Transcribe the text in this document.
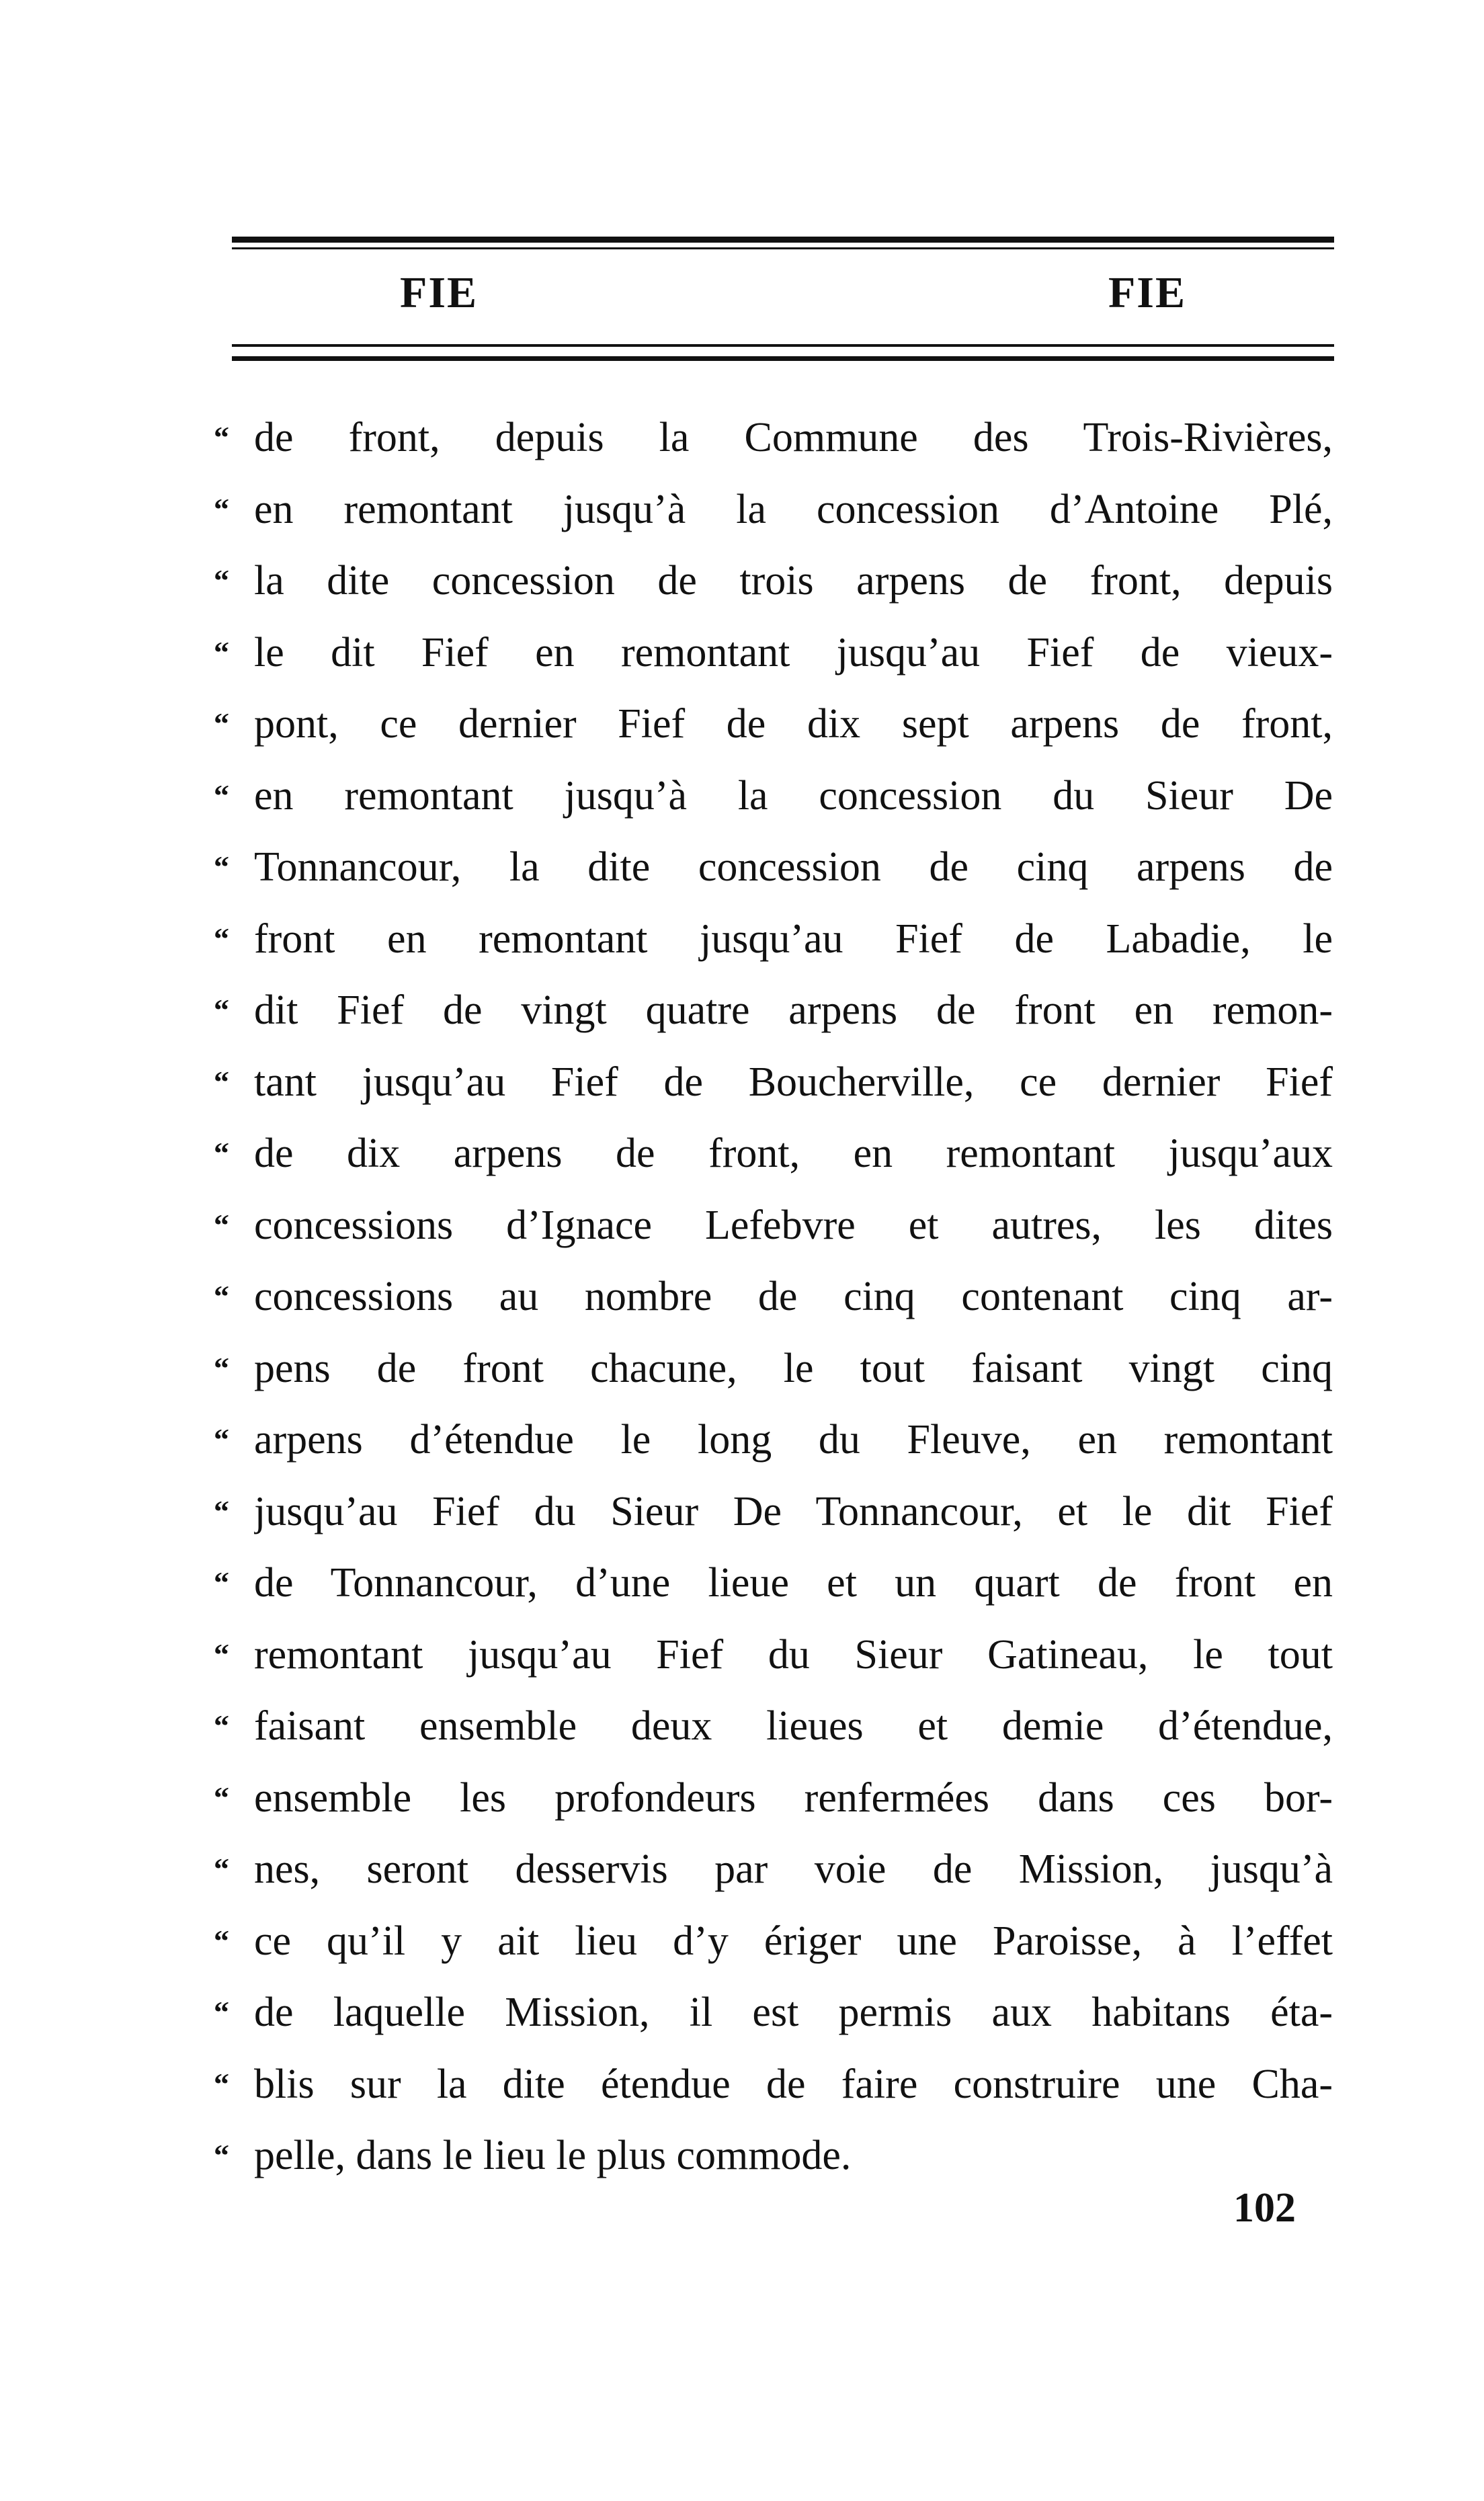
FIE	FIE
“ de front, depuis la Commune des Trois-Rivières,
“ en remontant jusqu’à la concession d’Antoine Plé,
“ la dite concession de trois arpens de front, depuis
“ le dit Fief en remontant jusqu’au Fief de vieux-
“ pont, ce dernier Fief de dix sept arpens de front,
“ en remontant jusqu’à la concession du Sieur De
“ Tonnancour, la dite concession de cinq arpens de
“ front en remontant jusqu’au Fief de Labadie, le
“ dit Fief de vingt quatre arpens de front en remon-
“ tant jusqu’au Fief de Boucherville, ce dernier Fief
“ de dix arpens de front, en remontant jusqu’aux
“ concessions d’Ignace Lefebvre et autres, les dites
“ concessions au nombre de cinq contenant cinq ar-
“ pens de front chacune, le tout faisant vingt cinq
“ arpens d’étendue le long du Fleuve, en remontant
“ jusqu’au Fief du Sieur De Tonnancour, et le dit Fief
“ de Tonnancour, d’une lieue et un quart de front en
“ remontant jusqu’au Fief du Sieur Gatineau, le tout
“ faisant ensemble deux lieues et demie d’étendue,
“ ensemble les profondeurs renfermées dans ces bor-
“ nes, seront desservis par voie de Mission, jusqu’à
“ ce qu’il y ait lieu d’y ériger une Paroisse, à l’effet
“ de laquelle Mission, il est permis aux habitans éta-
“ blis sur la dite étendue de faire construire une Cha-
“ pelle, dans le lieu le plus commode.
102
